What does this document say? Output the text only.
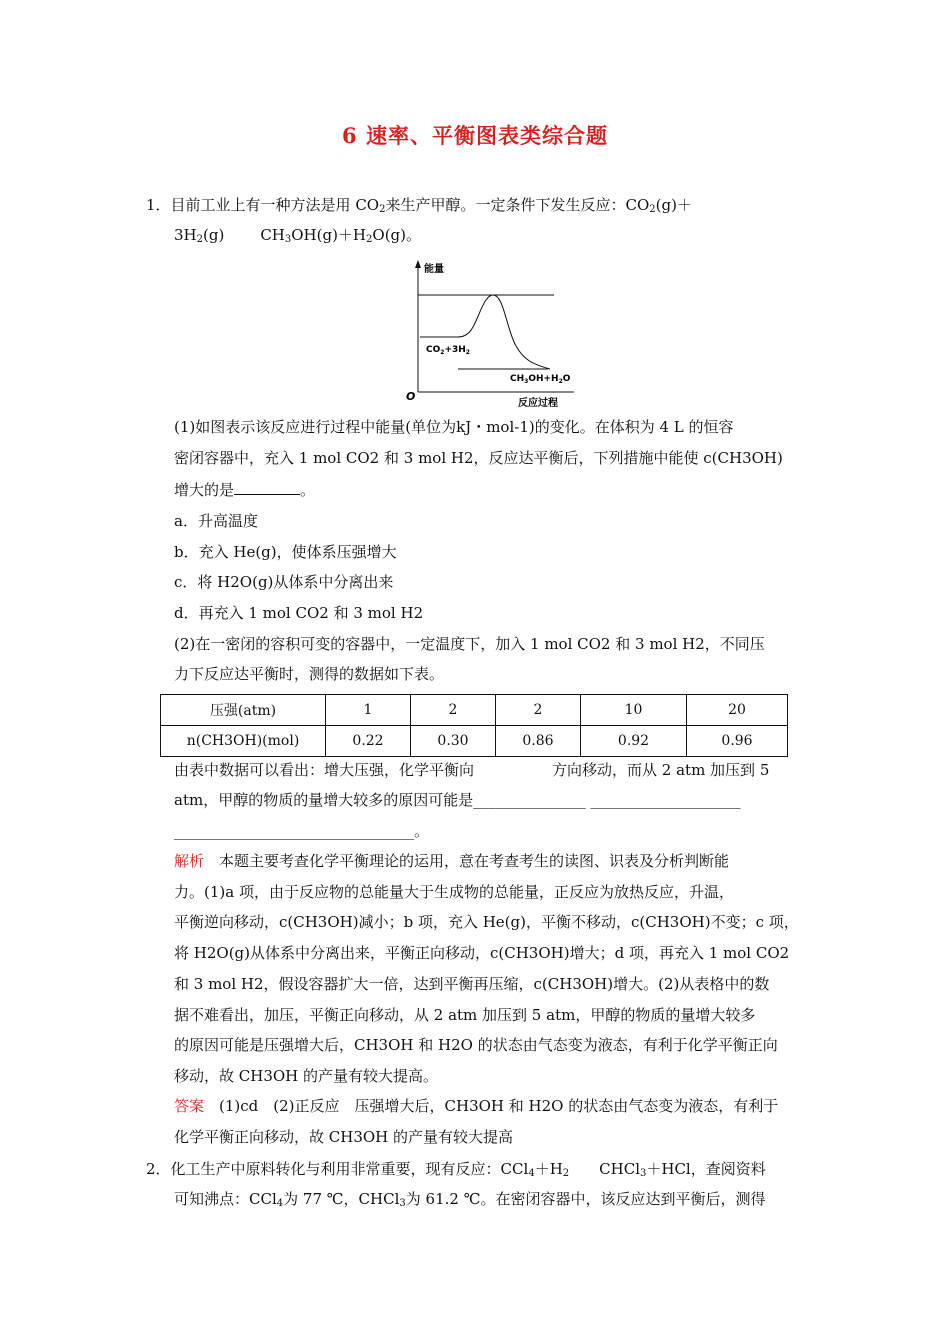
6 速率、平衡图表类综合题
1．目前工业上有一种方法是用 $CO_2$来生产甲醇。一定条件下发生反应：$CO_2(g)+$
$3H_2(g)$ $CH_3OH(g)+H_2O(g)$。
能量
O
反应过程
$CO_2+3H_2$
$CH_3OH+H_2O$
(1)如图表示该反应进行过程中能量(单位为kJ・mol-1)的变化。在体积为 4 L 的恒容
密闭容器中，充入 1 mol CO2 和 3 mol H2，反应达平衡后，下列措施中能使 c(CH3OH)
增大的是	。
a．升高温度
b．充入 He(g)，使体系压强增大
c．将 H2O(g)从体系中分离出来
d．再充入 1 mol CO2 和 3 mol H2
(2)在一密闭的容积可变的容器中，一定温度下，加入 1 mol CO2 和 3 mol H2，不同压
力下反应达平衡时，测得的数据如下表。
压强(atm)	1	2	2	10	20
n(CH3OH)(mol)	0.22	0.30	0.86	0.92	0.96
由表中数据可以看出：增大压强，化学平衡向	方向移动，而从 2 atm 加压到 5
atm，甲醇的物质的量增大较多的原因可能是_______________ ____________________
________________________________。
解析　 本题主要考查化学平衡理论的运用，意在考查考生的读图、识表及分析判断能
力。(1)a 项，由于反应物的总能量大于生成物的总能量，正反应为放热反应，升温，
平衡逆向移动，c(CH3OH)减小；b 项，充入 He(g)，平衡不移动，c(CH3OH)不变；c 项，
将 H2O(g)从体系中分离出来，平衡正向移动，c(CH3OH)增大；d 项，再充入 1 mol CO2
和 3 mol H2，假设容器扩大一倍，达到平衡再压缩，c(CH3OH)增大。(2)从表格中的数
据不难看出，加压，平衡正向移动，从 2 atm 加压到 5 atm，甲醇的物质的量增大较多
的原因可能是压强增大后，CH3OH 和 H2O 的状态由气态变为液态，有利于化学平衡正向
移动，故 CH3OH 的产量有较大提高。
答案　 (1)cd　(2)正反应　压强增大后，CH3OH 和 H2O 的状态由气态变为液态，有利于
化学平衡正向移动，故 CH3OH 的产量有较大提高
2．化工生产中原料转化与利用非常重要，现有反应：$CCl_4+H_2$ CHCl$_3$＋HCl，查阅资料
可知沸点：CCl$_4$为 77 ℃，CHCl$_3$为 61.2 ℃。在密闭容器中，该反应达到平衡后，测得
